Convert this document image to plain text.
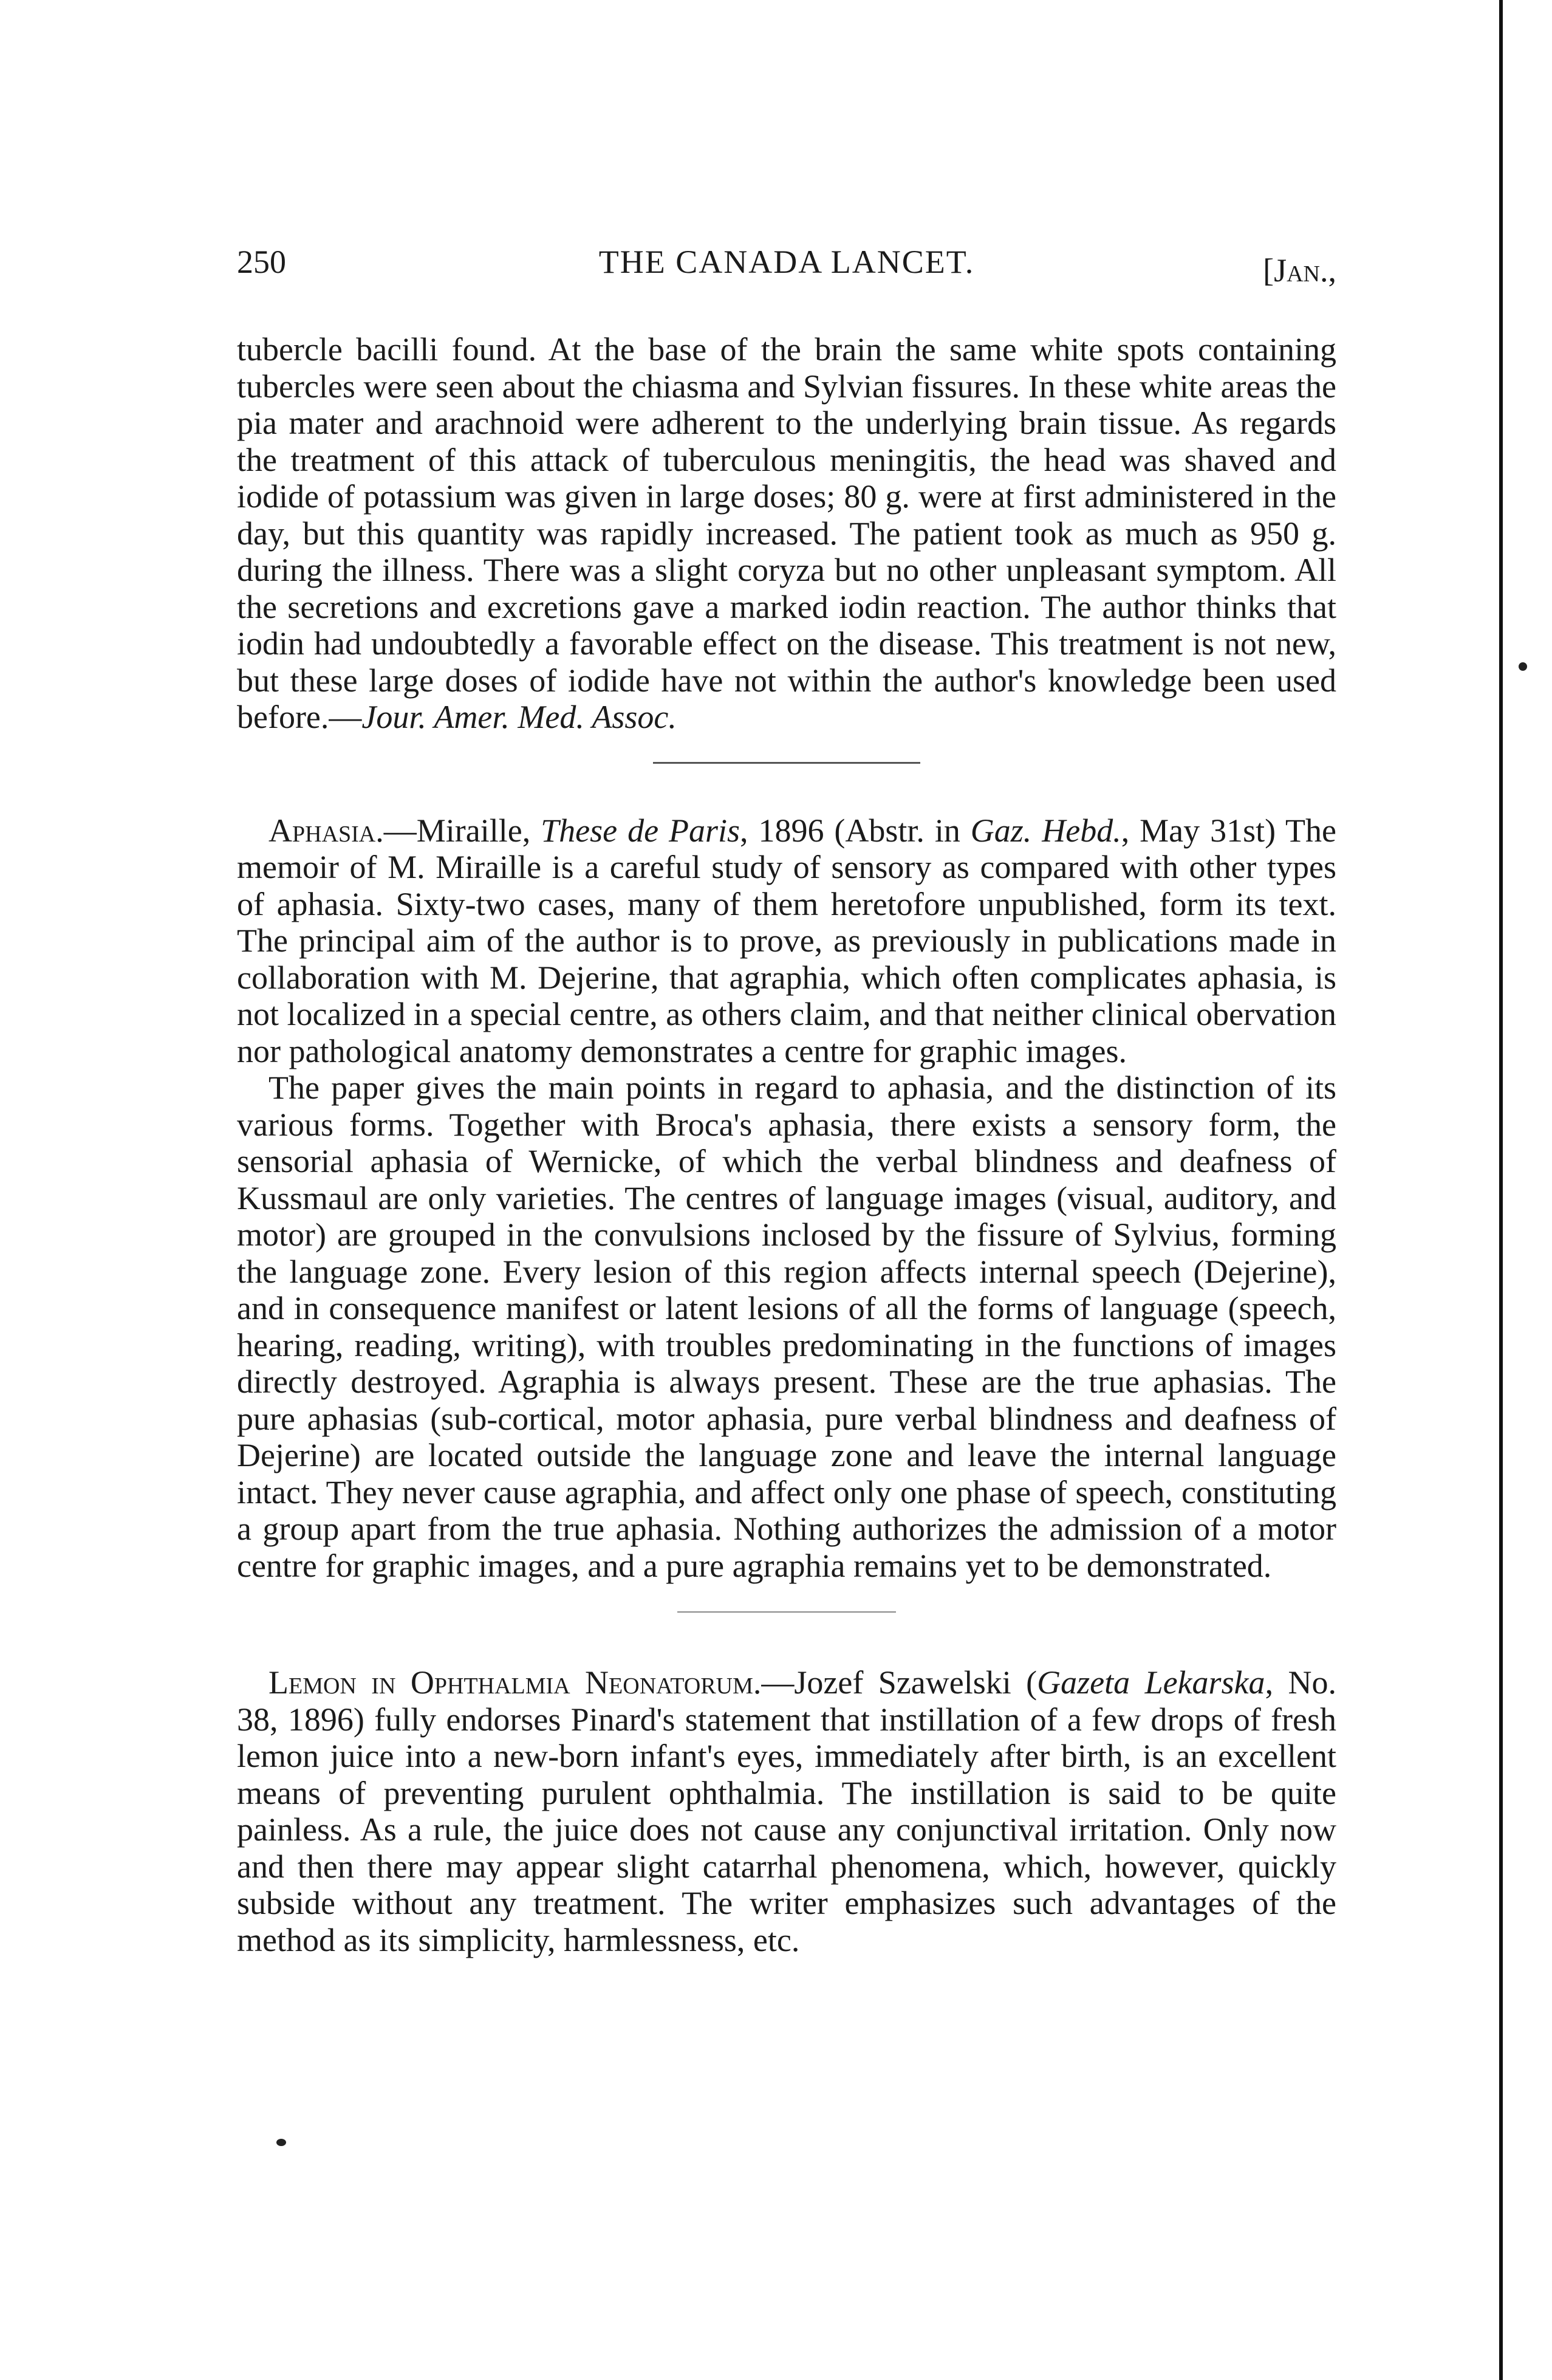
250	THE CANADA LANCET.	[Jan.,

tubercle bacilli found. At the base of the brain the same white spots containing tubercles were seen about the chiasma and Sylvian fissures. In these white areas the pia mater and arachnoid were adherent to the underlying brain tissue. As regards the treatment of this attack of tuberculous meningitis, the head was shaved and iodide of potassium was given in large doses; 80 g. were at first administered in the day, but this quantity was rapidly increased. The patient took as much as 950 g. during the illness. There was a slight coryza but no other unpleasant symptom. All the secretions and excretions gave a marked iodin reaction. The author thinks that iodin had undoubtedly a favorable effect on the disease. This treatment is not new, but these large doses of iodide have not within the author's knowledge been used before.—Jour. Amer. Med. Assoc.

Aphasia.—Miraille, These de Paris, 1896 (Abstr. in Gaz. Hebd., May 31st) The memoir of M. Miraille is a careful study of sensory as compared with other types of aphasia. Sixty-two cases, many of them heretofore unpublished, form its text. The principal aim of the author is to prove, as previously in publications made in collaboration with M. Dejerine, that agraphia, which often complicates aphasia, is not localized in a special centre, as others claim, and that neither clinical obervation nor pathological anatomy demonstrates a centre for graphic images.

The paper gives the main points in regard to aphasia, and the distinction of its various forms. Together with Broca's aphasia, there exists a sensory form, the sensorial aphasia of Wernicke, of which the verbal blindness and deafness of Kussmaul are only varieties. The centres of language images (visual, auditory, and motor) are grouped in the convulsions inclosed by the fissure of Sylvius, forming the language zone. Every lesion of this region affects internal speech (Dejerine), and in consequence manifest or latent lesions of all the forms of language (speech, hearing, reading, writing), with troubles predominating in the functions of images directly destroyed. Agraphia is always present. These are the true aphasias. The pure aphasias (sub-cortical, motor aphasia, pure verbal blindness and deafness of Dejerine) are located outside the language zone and leave the internal language intact. They never cause agraphia, and affect only one phase of speech, constituting a group apart from the true aphasia. Nothing authorizes the admission of a motor centre for graphic images, and a pure agraphia remains yet to be demonstrated.

Lemon in Ophthalmia Neonatorum.—Jozef Szawelski (Gazeta Lekarska, No. 38, 1896) fully endorses Pinard's statement that instillation of a few drops of fresh lemon juice into a new-born infant's eyes, immediately after birth, is an excellent means of preventing purulent ophthalmia. The instillation is said to be quite painless. As a rule, the juice does not cause any conjunctival irritation. Only now and then there may appear slight catarrhal phenomena, which, however, quickly subside without any treatment. The writer emphasizes such advantages of the method as its simplicity, harmlessness, etc.
